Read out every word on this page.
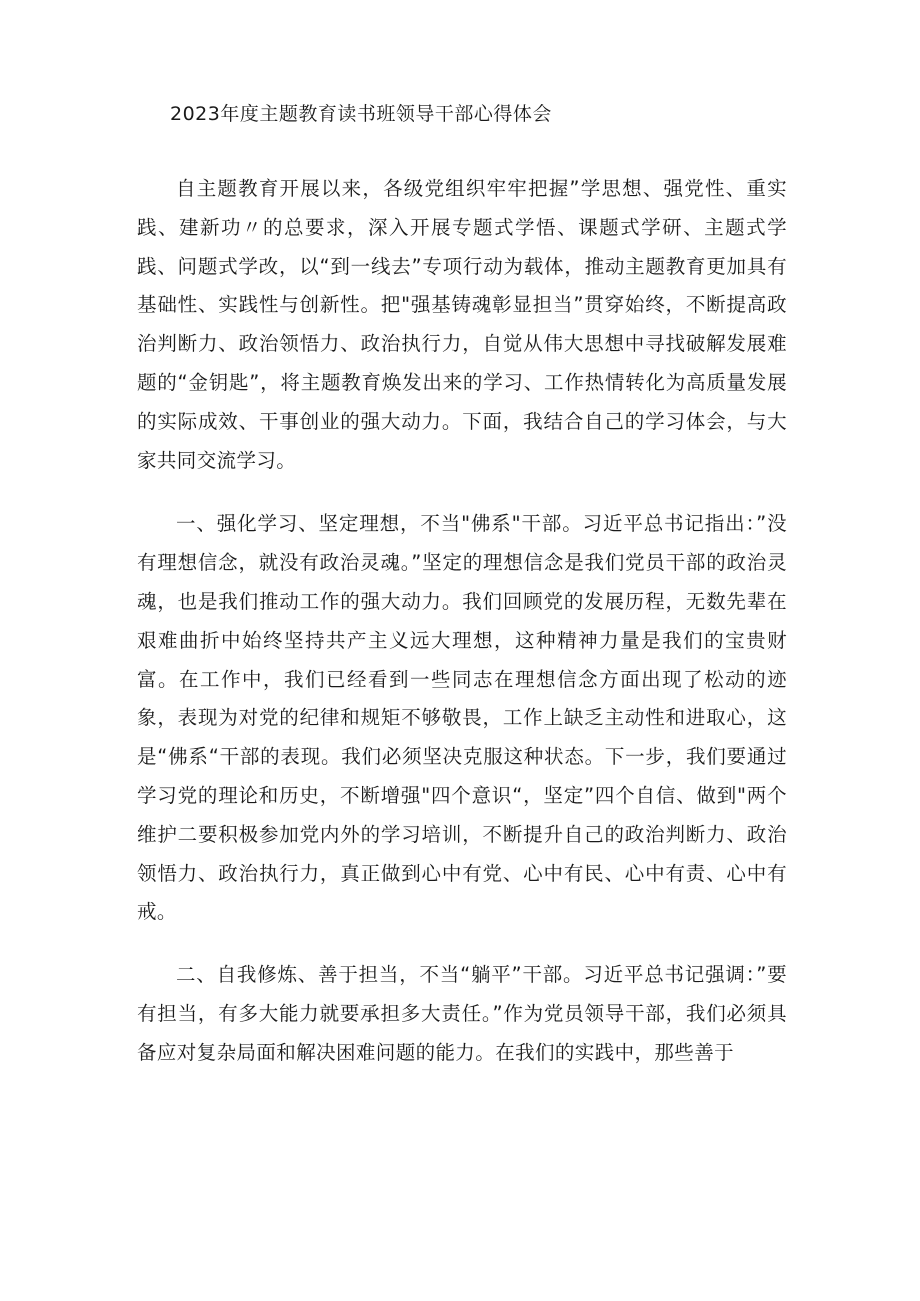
2023年度主题教育读书班领导干部心得体会

自主题教育开展以来，各级党组织牢牢把握”学思想、强党性、重实践、建新功〃的总要求，深入开展专题式学悟、课题式学研、主题式学践、问题式学改，以“到一线去”专项行动为载体，推动主题教育更加具有基础性、实践性与创新性。把"强基铸魂彰显担当”贯穿始终，不断提高政治判断力、政治领悟力、政治执行力，自觉从伟大思想中寻找破解发展难题的“金钥匙”，将主题教育焕发出来的学习、工作热情转化为高质量发展的实际成效、干事创业的强大动力。下面，我结合自己的学习体会，与大家共同交流学习。

一、强化学习、坚定理想，不当"佛系"干部。习近平总书记指出：”没有理想信念，就没有政治灵魂。”坚定的理想信念是我们党员干部的政治灵魂，也是我们推动工作的强大动力。我们回顾党的发展历程，无数先辈在艰难曲折中始终坚持共产主义远大理想，这种精神力量是我们的宝贵财富。在工作中，我们已经看到一些同志在理想信念方面出现了松动的迹象，表现为对党的纪律和规矩不够敬畏，工作上缺乏主动性和进取心，这是“佛系“干部的表现。我们必须坚决克服这种状态。下一步，我们要通过学习党的理论和历史，不断增强"四个意识“，坚定”四个自信、做到"两个维护二要积极参加党内外的学习培训，不断提升自己的政治判断力、政治领悟力、政治执行力，真正做到心中有党、心中有民、心中有责、心中有戒。

二、自我修炼、善于担当，不当“躺平”干部。习近平总书记强调：”要有担当，有多大能力就要承担多大责任。”作为党员领导干部，我们必须具备应对复杂局面和解决困难问题的能力。在我们的实践中，那些善于
